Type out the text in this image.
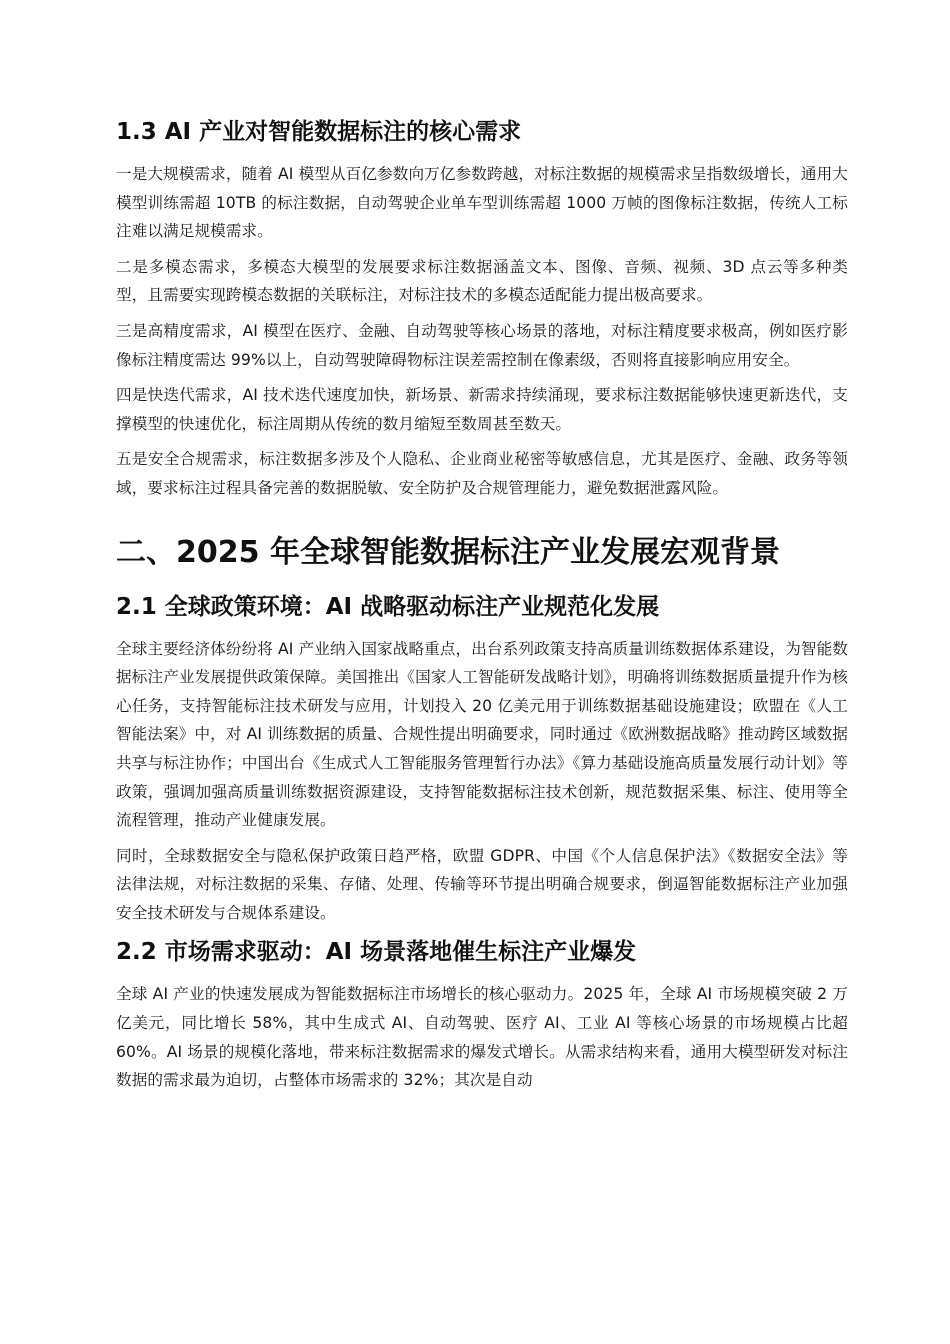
1.3 AI 产业对智能数据标注的核心需求

一是大规模需求，随着 AI 模型从百亿参数向万亿参数跨越，对标注数据的规模需求呈指数级增长，通用大模型训练需超 10TB 的标注数据，自动驾驶企业单车型训练需超 1000 万帧的图像标注数据，传统人工标注难以满足规模需求。

二是多模态需求，多模态大模型的发展要求标注数据涵盖文本、图像、音频、视频、3D 点云等多种类型，且需要实现跨模态数据的关联标注，对标注技术的多模态适配能力提出极高要求。

三是高精度需求，AI 模型在医疗、金融、自动驾驶等核心场景的落地，对标注精度要求极高，例如医疗影像标注精度需达 99%以上，自动驾驶障碍物标注误差需控制在像素级，否则将直接影响应用安全。

四是快迭代需求，AI 技术迭代速度加快，新场景、新需求持续涌现，要求标注数据能够快速更新迭代，支撑模型的快速优化，标注周期从传统的数月缩短至数周甚至数天。

五是安全合规需求，标注数据多涉及个人隐私、企业商业秘密等敏感信息，尤其是医疗、金融、政务等领域，要求标注过程具备完善的数据脱敏、安全防护及合规管理能力，避免数据泄露风险。

二、2025 年全球智能数据标注产业发展宏观背景
2.1 全球政策环境：AI 战略驱动标注产业规范化发展

全球主要经济体纷纷将 AI 产业纳入国家战略重点，出台系列政策支持高质量训练数据体系建设，为智能数据标注产业发展提供政策保障。美国推出《国家人工智能研发战略计划》，明确将训练数据质量提升作为核心任务，支持智能标注技术研发与应用，计划投入 20 亿美元用于训练数据基础设施建设；欧盟在《人工智能法案》中，对 AI 训练数据的质量、合规性提出明确要求，同时通过《欧洲数据战略》推动跨区域数据共享与标注协作；中国出台《生成式人工智能服务管理暂行办法》《算力基础设施高质量发展行动计划》等政策，强调加强高质量训练数据资源建设，支持智能数据标注技术创新，规范数据采集、标注、使用等全流程管理，推动产业健康发展。

同时，全球数据安全与隐私保护政策日趋严格，欧盟 GDPR、中国《个人信息保护法》《数据安全法》等法律法规，对标注数据的采集、存储、处理、传输等环节提出明确合规要求，倒逼智能数据标注产业加强安全技术研发与合规体系建设。

2.2 市场需求驱动：AI 场景落地催生标注产业爆发

全球 AI 产业的快速发展成为智能数据标注市场增长的核心驱动力。2025 年，全球 AI 市场规模突破 2 万亿美元，同比增长 58%，其中生成式 AI、自动驾驶、医疗 AI、工业 AI 等核心场景的市场规模占比超 60%。AI 场景的规模化落地，带来标注数据需求的爆发式增长。从需求结构来看，通用大模型研发对标注数据的需求最为迫切，占整体市场需求的 32%；其次是自动
